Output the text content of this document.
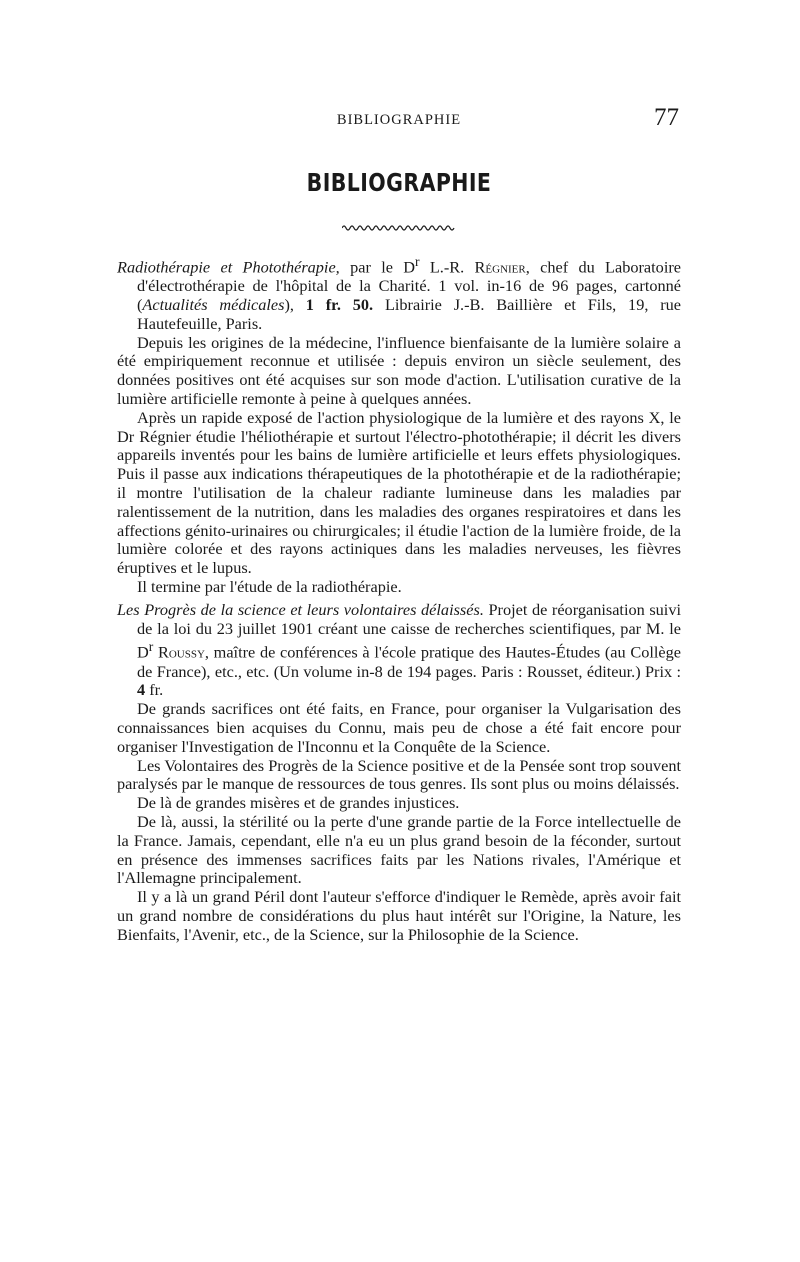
BIBLIOGRAPHIE	77
BIBLIOGRAPHIE

Radiothérapie et Photothérapie, par le $D^r$ L.-R. Régnier, chef du Laboratoire d'électrothérapie de l'hôpital de la Charité. 1 vol. in-16 de 96 pages, cartonné (Actualités médicales), 1 fr. 50. Librairie J.-B. Baillière et Fils, 19, rue Hautefeuille, Paris.

Depuis les origines de la médecine, l'influence bienfaisante de la lumière solaire a été empiriquement reconnue et utilisée : depuis environ un siècle seulement, des données positives ont été acquises sur son mode d'action. L'utilisation curative de la lumière artificielle remonte à peine à quelques années.

Après un rapide exposé de l'action physiologique de la lumière et des rayons X, le Dr Régnier étudie l'héliothérapie et surtout l'électro-photothérapie; il décrit les divers appareils inventés pour les bains de lumière artificielle et leurs effets physiologiques. Puis il passe aux indications thérapeutiques de la photothérapie et de la radiothérapie; il montre l'utilisation de la chaleur radiante lumineuse dans les maladies par ralentissement de la nutrition, dans les maladies des organes respiratoires et dans les affections génito-urinaires ou chirurgicales; il étudie l'action de la lumière froide, de la lumière colorée et des rayons actiniques dans les maladies nerveuses, les fièvres éruptives et le lupus.

Il termine par l'étude de la radiothérapie.

Les Progrès de la science et leurs volontaires délaissés. Projet de réorganisation suivi de la loi du 23 juillet 1901 créant une caisse de recherches scientifiques, par M. le $D^r$ Roussy, maître de conférences à l'école pratique des Hautes-Études (au Collège de France), etc., etc. (Un volume in-8 de 194 pages. Paris : Rousset, éditeur.) Prix : 4 fr.

De grands sacrifices ont été faits, en France, pour organiser la Vulgarisation des connaissances bien acquises du Connu, mais peu de chose a été fait encore pour organiser l'Investigation de l'Inconnu et la Conquête de la Science.

Les Volontaires des Progrès de la Science positive et de la Pensée sont trop souvent paralysés par le manque de ressources de tous genres. Ils sont plus ou moins délaissés.

De là de grandes misères et de grandes injustices.

De là, aussi, la stérilité ou la perte d'une grande partie de la Force intellectuelle de la France. Jamais, cependant, elle n'a eu un plus grand besoin de la féconder, surtout en présence des immenses sacrifices faits par les Nations rivales, l'Amérique et l'Allemagne principalement.

Il y a là un grand Péril dont l'auteur s'efforce d'indiquer le Remède, après avoir fait un grand nombre de considérations du plus haut intérêt sur l'Origine, la Nature, les Bienfaits, l'Avenir, etc., de la Science, sur la Philosophie de la Science.
